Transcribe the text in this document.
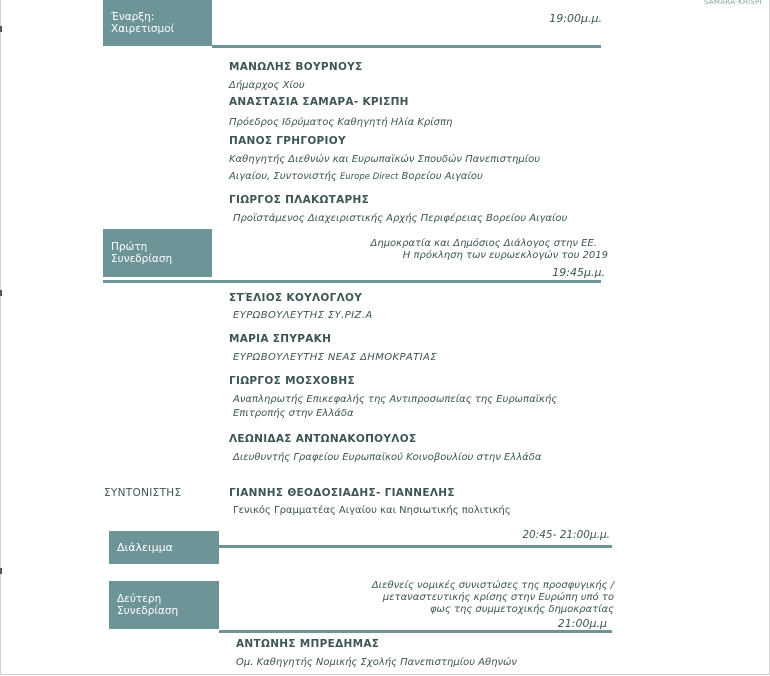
SAMARA-KRISPI
Έναρξη:
Χαιρετισμοί
19:00μ.μ.
ΜΑΝΩΛΗΣ ΒΟΥΡΝΟΥΣ
Δήμαρχος Χίου
ΑΝΑΣΤΑΣΙΑ ΣΑΜΑΡΑ- ΚΡΙΣΠΗ
Πρόεδρος Ιδρύματος Καθηγητή Ηλία Κρίσπη
ΠΑΝΟΣ ΓΡΗΓΟΡΙΟΥ
Καθηγητής Διεθνών και Ευρωπαϊκών Σπουδών Πανεπιστημίου
Αιγαίου, Συντονιστής Europe Direct Βορείου Αιγαίου
ΓΙΩΡΓΟΣ ΠΛΑΚΩΤΑΡΗΣ
Προϊστάμενος Διαχειριστικής Αρχής Περιφέρειας Βορείου Αιγαίου
Πρώτη
Συνεδρίαση
Δημοκρατία και Δημόσιος Διάλογος στην ΕΕ.
Η πρόκληση των ευρωεκλογών του 2019
19:45μ.μ.
ΣΤΈΛΙΟΣ ΚΟΥΛΟΓΛΟΥ
ΕΥΡΩΒΟΥΛΕΥΤΗΣ ΣΥ.ΡΙΖ.Α
ΜΑΡΙΑ ΣΠΥΡΑΚΗ
ΕΥΡΩΒΟΥΛΕΥΤΗΣ ΝΕΑΣ ΔΗΜΟΚΡΑΤΙΑΣ
ΓΙΩΡΓΟΣ ΜΟΣΧΟΒΗΣ
Αναπληρωτής Επικεφαλής της Αντιπροσωπείας της Ευρωπαϊκής
Επιτροπής στην Ελλάδα
ΛΕΩΝΙΔΑΣ ΑΝΤΩΝΑΚΟΠΟΥΛΟΣ
Διευθυντής Γραφείου Ευρωπαϊκού Κοινοβουλίου στην Ελλάδα
ΣΥΝΤΟΝΙΣΤΗΣ	ΓΙΑΝΝΗΣ ΘΕΟΔΟΣΙΑΔΗΣ- ΓΙΑΝΝΕΛΗΣ
Γενικός Γραμματέας Αιγαίου και Νησιωτικής πολιτικής
Διάλειμμα
20:45- 21:00μ.μ.
Δεύτερη
Συνεδρίαση
Διεθνείς νομικές συνιστώσες της προσφυγικής /
μεταναστευτικής κρίσης στην Ευρώπη υπό το
φως της συμμετοχικής δημοκρατίας
21:00μ.μ
ΑΝΤΩΝΗΣ ΜΠΡΕΔΗΜΑΣ
Ομ. Καθηγητής Νομικής Σχολής Πανεπιστημίου Αθηνών
